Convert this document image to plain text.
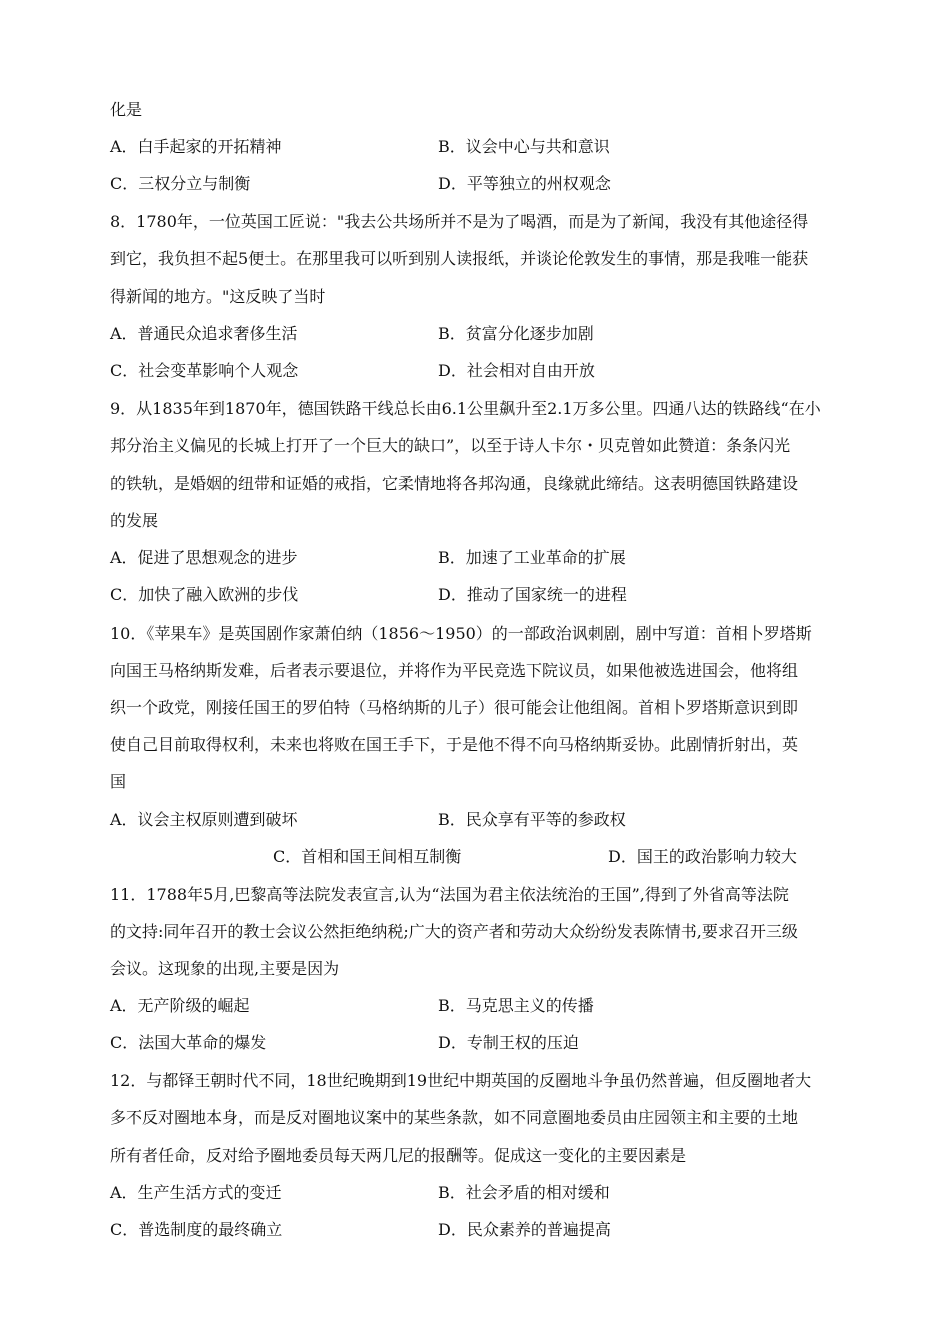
化是
A．白手起家的开拓精神	B．议会中心与共和意识
C．三权分立与制衡	D．平等独立的州权观念
8．1780年，一位英国工匠说："我去公共场所并不是为了喝酒，而是为了新闻，我没有其他途径得
到它，我负担不起5便士。在那里我可以听到别人读报纸，并谈论伦敦发生的事情，那是我唯一能获
得新闻的地方。"这反映了当时
A．普通民众追求奢侈生活	B．贫富分化逐步加剧
C．社会变革影响个人观念	D．社会相对自由开放
9．从1835年到1870年，德国铁路干线总长由6.1公里飙升至2.1万多公里。四通八达的铁路线“在小
邦分治主义偏见的长城上打开了一个巨大的缺口”，以至于诗人卡尔・贝克曾如此赞道：条条闪光
的铁轨，是婚姻的纽带和证婚的戒指，它柔情地将各邦沟通，良缘就此缔结。这表明德国铁路建设
的发展
A．促进了思想观念的进步	B．加速了工业革命的扩展
C．加快了融入欧洲的步伐	D．推动了国家统一的进程
10．《苹果车》是英国剧作家萧伯纳（1856～1950）的一部政治讽刺剧，剧中写道：首相卜罗塔斯
向国王马格纳斯发难，后者表示要退位，并将作为平民竞选下院议员，如果他被选进国会，他将组
织一个政党，刚接任国王的罗伯特（马格纳斯的儿子）很可能会让他组阁。首相卜罗塔斯意识到即
使自己目前取得权利，未来也将败在国王手下，于是他不得不向马格纳斯妥协。此剧情折射出，英
国
A．议会主权原则遭到破坏	B．民众享有平等的参政权
C．首相和国王间相互制衡	D．国王的政治影响力较大
11．1788年5月,巴黎高等法院发表宣言,认为“法国为君主依法统治的王国”,得到了外省高等法院
的文持:同年召开的教士会议公然拒绝纳税;广大的资产者和劳动大众纷纷发表陈情书,要求召开三级
会议。这现象的出现,主要是因为
A．无产阶级的崛起	B．马克思主义的传播
C．法国大革命的爆发	D．专制王权的压迫
12．与都铎王朝时代不同，18世纪晚期到19世纪中期英国的反圈地斗争虽仍然普遍，但反圈地者大
多不反对圈地本身，而是反对圈地议案中的某些条款，如不同意圈地委员由庄园领主和主要的土地
所有者任命，反对给予圈地委员每天两几尼的报酬等。促成这一变化的主要因素是
A．生产生活方式的变迁	B．社会矛盾的相对缓和
C．普选制度的最终确立	D．民众素养的普遍提高
